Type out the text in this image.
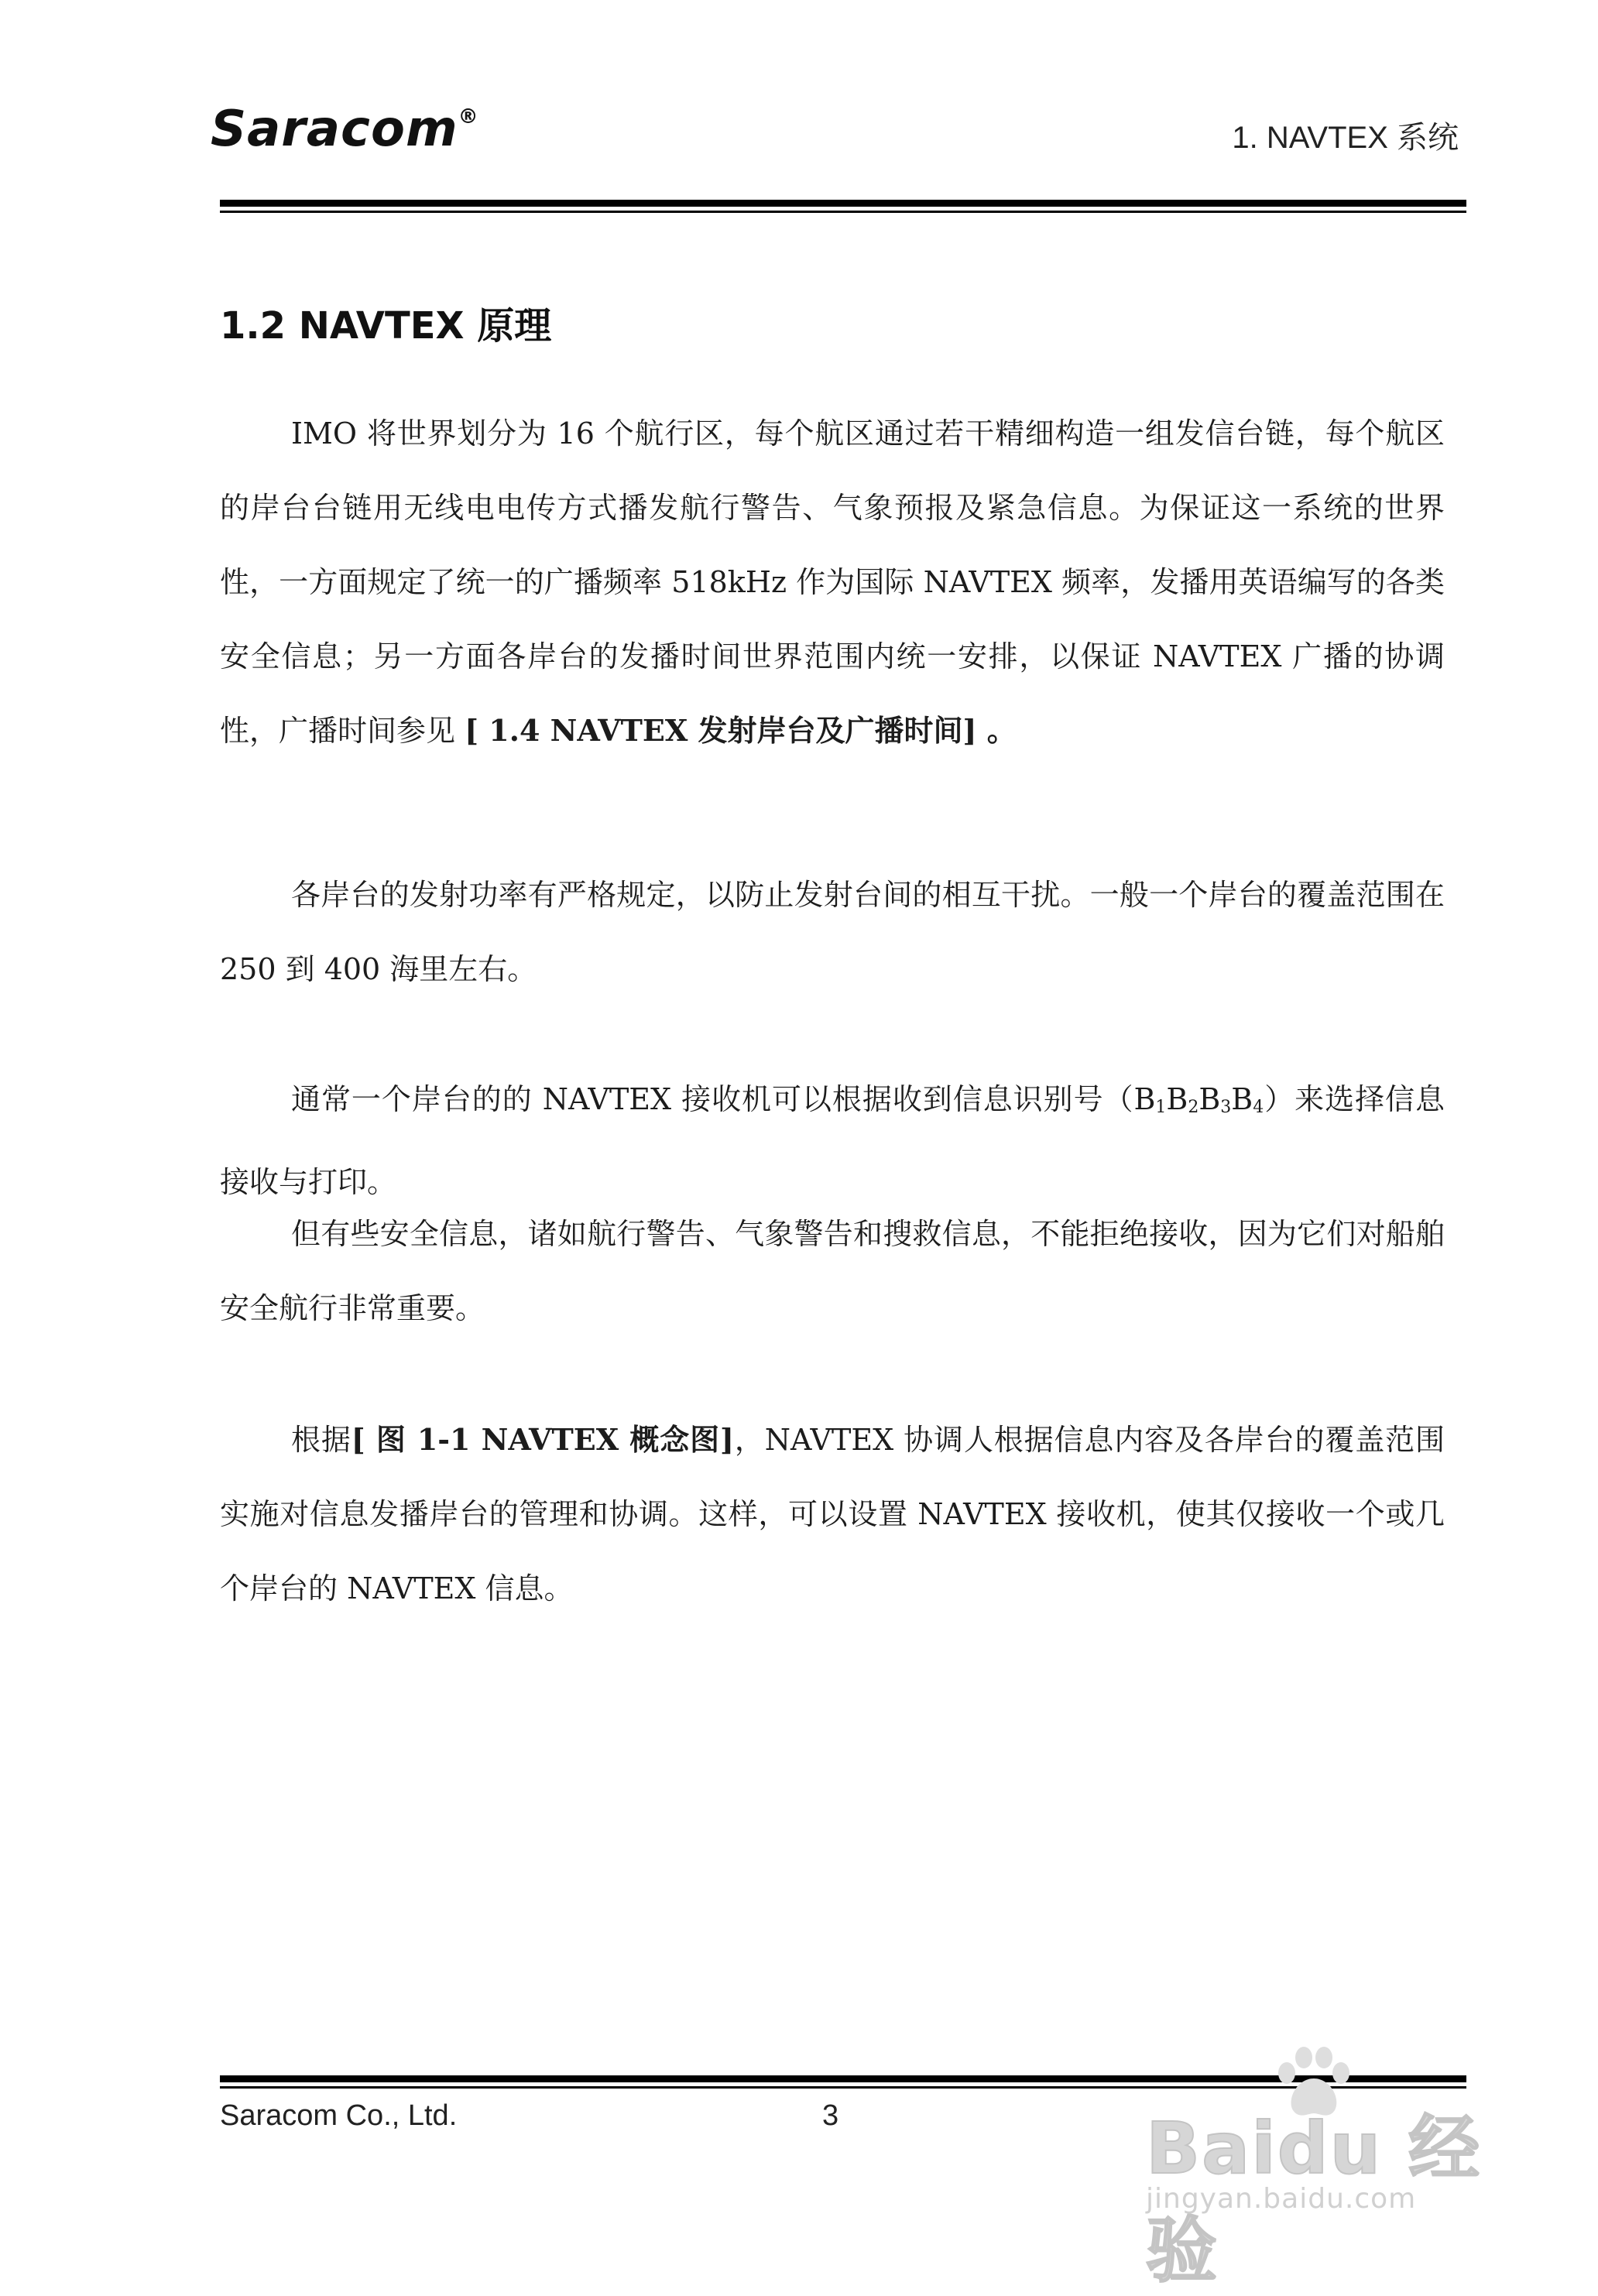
Saracom®
1. NAVTEX 系统
1.2 NAVTEX 原理

IMO 将世界划分为 16 个航行区，每个航区通过若干精细构造一组发信台链，每个航区的岸台台链用无线电电传方式播发航行警告、气象预报及紧急信息。为保证这一系统的世界性，一方面规定了统一的广播频率 518kHz 作为国际 NAVTEX 频率，发播用英语编写的各类安全信息；另一方面各岸台的发播时间世界范围内统一安排，以保证 NAVTEX 广播的协调性，广播时间参见 [ 1.4 NAVTEX 发射岸台及广播时间] 。

各岸台的发射功率有严格规定，以防止发射台间的相互干扰。一般一个岸台的覆盖范围在 250 到 400 海里左右。

通常一个岸台的的 NAVTEX 接收机可以根据收到信息识别号（B1B2B3B4）来选择信息接收与打印。

但有些安全信息，诸如航行警告、气象警告和搜救信息，不能拒绝接收，因为它们对船舶安全航行非常重要。

根据[ 图 1-1 NAVTEX 概念图]，NAVTEX 协调人根据信息内容及各岸台的覆盖范围实施对信息发播岸台的管理和协调。这样，可以设置 NAVTEX 接收机，使其仅接收一个或几个岸台的 NAVTEX 信息。

Saracom Co., Ltd.	3	Baidu 经验
jingyan.baidu.com
